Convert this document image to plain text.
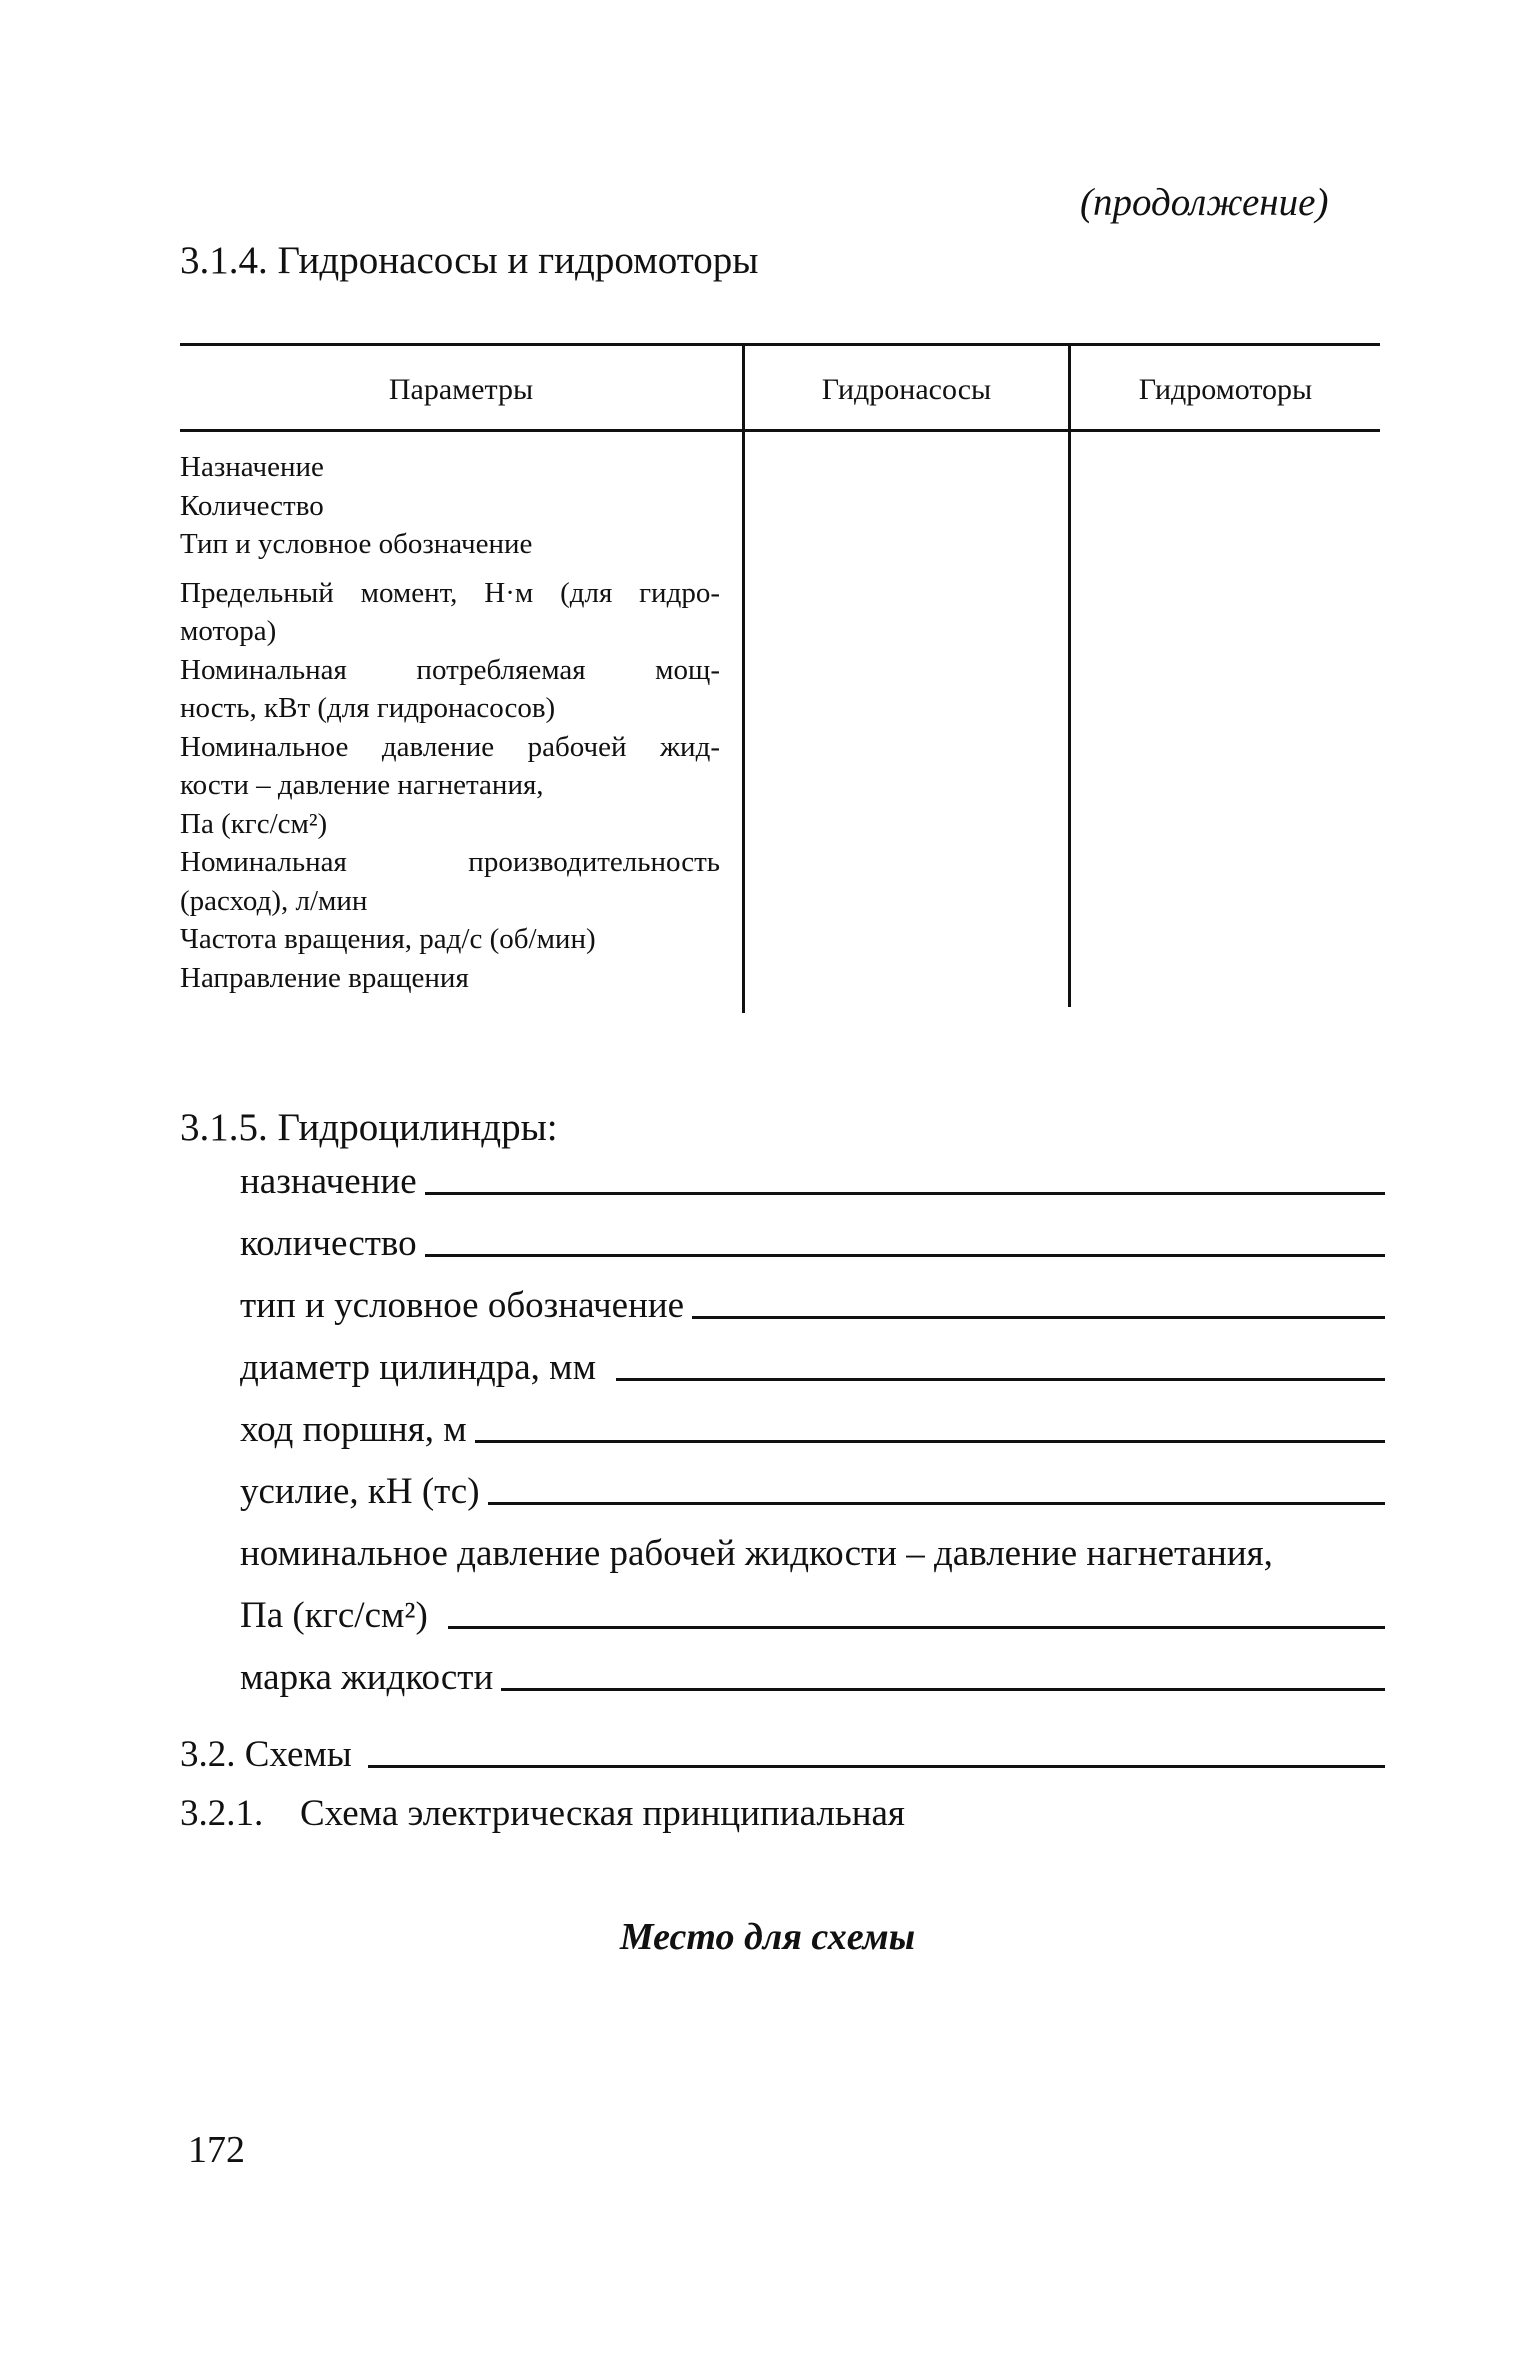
(продолжение)
3.1.4. Гидронасосы и гидромоторы
Параметры	Гидронасосы	Гидромоторы
Назначение
Количество
Тип и условное обозначение
Предельный момент, Н·м (для гидро-
мотора)
Номинальная потребляемая мощ-
ность, кВт (для гидронасосов)
Номинальное давление рабочей жид-
кости – давление нагнетания,
Па (кгс/см²)
Номинальная производительность
(расход), л/мин
Частота вращения, рад/с (об/мин)
Направление вращения
3.1.5. Гидроцилиндры:
назначение
количество
тип и условное обозначение
диаметр цилиндра, мм
ход поршня, м
усилие, кН (тс)
номинальное давление рабочей жидкости – давление нагнетания,
Па (кгс/см²)
марка жидкости
3.2. Схемы
3.2.1. Схема электрическая принципиальная
Место для схемы
172
